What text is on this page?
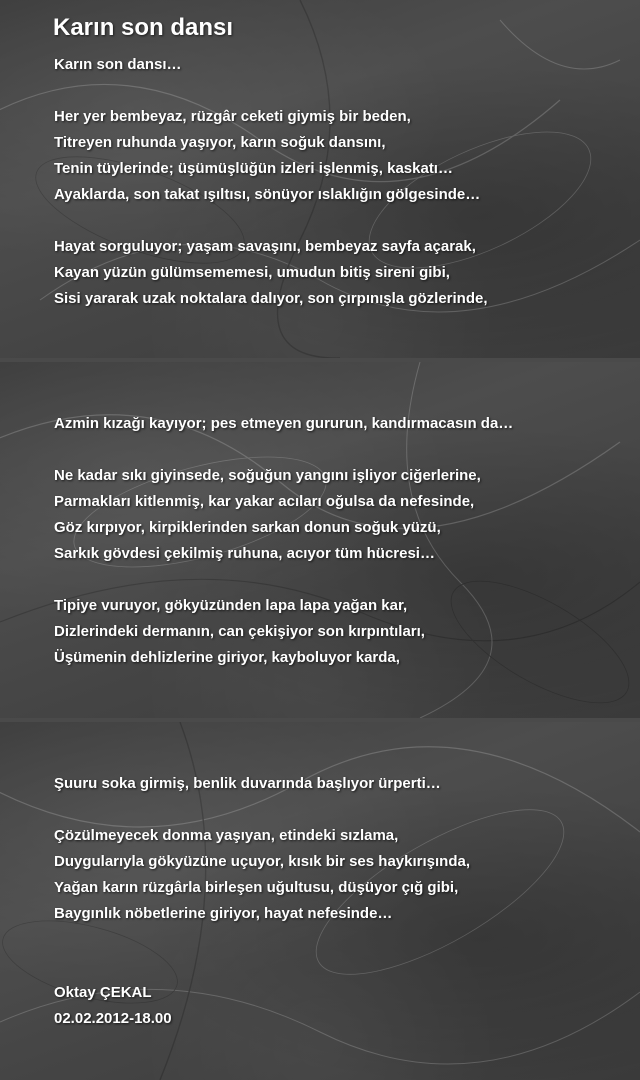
Karın son dansı

Karın son dansı…

Her yer bembeyaz, rüzgâr ceketi giymiş bir beden,

Titreyen ruhunda yaşıyor, karın soğuk dansını,

Tenin tüylerinde; üşümüşlüğün izleri işlenmiş, kaskatı…

Ayaklarda, son takat ışıltısı, sönüyor ıslaklığın gölgesinde…

Hayat sorguluyor; yaşam savaşını, bembeyaz sayfa açarak,

Kayan yüzün gülümsememesi, umudun bitiş sireni gibi,

Sisi yararak uzak noktalara dalıyor, son çırpınışla gözlerinde,

Azmin kızağı kayıyor; pes etmeyen gururun, kandırmacasın da…

Ne kadar sıkı giyinsede, soğuğun yangını işliyor ciğerlerine,

Parmakları kitlenmiş, kar yakar acıları oğulsa da nefesinde,

Göz kırpıyor, kirpiklerinden sarkan donun soğuk yüzü,

Sarkık gövdesi çekilmiş ruhuna, acıyor tüm hücresi…

Tipiye vuruyor, gökyüzünden lapa lapa yağan kar,

Dizlerindeki dermanın, can çekişiyor son kırpıntıları,

Üşümenin dehlizlerine giriyor, kayboluyor karda,

Şuuru soka girmiş, benlik duvarında başlıyor ürperti…

Çözülmeyecek donma yaşıyan, etindeki sızlama,

Duygularıyla gökyüzüne uçuyor, kısık bir ses haykırışında,

Yağan karın rüzgârla birleşen uğultusu, düşüyor çığ gibi,

Baygınlık nöbetlerine giriyor, hayat nefesinde…

Oktay ÇEKAL

02.02.2012-18.00
